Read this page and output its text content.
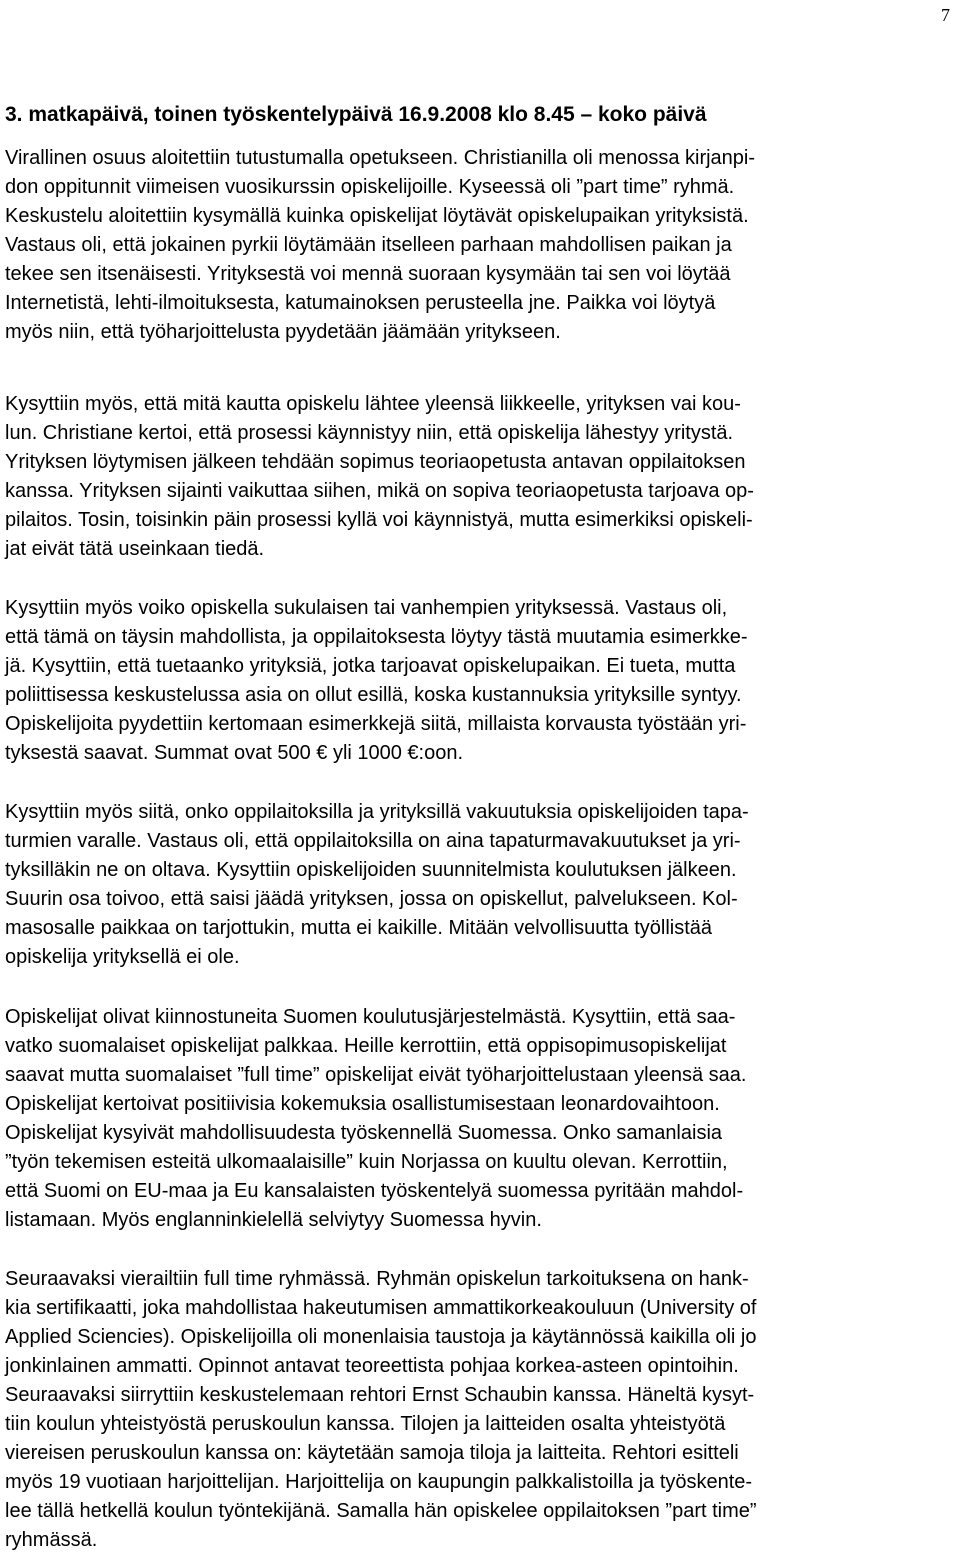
7
3. matkapäivä, toinen työskentelypäivä 16.9.2008 klo 8.45 – koko päivä
Virallinen osuus aloitettiin tutustumalla opetukseen. Christianilla oli menossa kirjanpi-
don oppitunnit viimeisen vuosikurssin opiskelijoille. Kyseessä oli ”part time” ryhmä.
Keskustelu aloitettiin kysymällä kuinka opiskelijat löytävät opiskelupaikan yrityksistä.
Vastaus oli, että jokainen pyrkii löytämään itselleen parhaan mahdollisen paikan ja
tekee sen itsenäisesti. Yrityksestä voi mennä suoraan kysymään tai sen voi löytää
Internetistä, lehti-ilmoituksesta, katumainoksen perusteella jne. Paikka voi löytyä
myös niin, että työharjoittelusta pyydetään jäämään yritykseen.
Kysyttiin myös, että mitä kautta opiskelu lähtee yleensä liikkeelle, yrityksen vai kou-
lun. Christiane kertoi, että prosessi käynnistyy niin, että opiskelija lähestyy yritystä.
Yrityksen löytymisen jälkeen tehdään sopimus teoriaopetusta antavan oppilaitoksen
kanssa. Yrityksen sijainti vaikuttaa siihen, mikä on sopiva teoriaopetusta tarjoava op-
pilaitos. Tosin, toisinkin päin prosessi kyllä voi käynnistyä, mutta esimerkiksi opiskeli-
jat eivät tätä useinkaan tiedä.
Kysyttiin myös voiko opiskella sukulaisen tai vanhempien yrityksessä. Vastaus oli,
että tämä on täysin mahdollista, ja oppilaitoksesta löytyy tästä muutamia esimerkke-
jä. Kysyttiin, että tuetaanko yrityksiä, jotka tarjoavat opiskelupaikan. Ei tueta, mutta
poliittisessa keskustelussa asia on ollut esillä, koska kustannuksia yrityksille syntyy.
Opiskelijoita pyydettiin kertomaan esimerkkejä siitä, millaista korvausta työstään yri-
tyksestä saavat. Summat ovat 500 € yli 1000 €:oon.
Kysyttiin myös siitä, onko oppilaitoksilla ja yrityksillä vakuutuksia opiskelijoiden tapa-
turmien varalle. Vastaus oli, että oppilaitoksilla on aina tapaturmavakuutukset ja yri-
tyksilläkin ne on oltava. Kysyttiin opiskelijoiden suunnitelmista koulutuksen jälkeen.
Suurin osa toivoo, että saisi jäädä yrityksen, jossa on opiskellut, palvelukseen. Kol-
masosalle paikkaa on tarjottukin, mutta ei kaikille. Mitään velvollisuutta työllistää
opiskelija yrityksellä ei ole.
Opiskelijat olivat kiinnostuneita Suomen koulutusjärjestelmästä. Kysyttiin, että saa-
vatko suomalaiset opiskelijat palkkaa. Heille kerrottiin, että oppisopimusopiskelijat
saavat mutta suomalaiset ”full time” opiskelijat eivät työharjoittelustaan yleensä saa.
Opiskelijat kertoivat positiivisia kokemuksia osallistumisestaan leonardovaihtoon.
Opiskelijat kysyivät mahdollisuudesta työskennellä Suomessa. Onko samanlaisia
”työn tekemisen esteitä ulkomaalaisille” kuin Norjassa on kuultu olevan. Kerrottiin,
että Suomi on EU-maa ja Eu kansalaisten työskentelyä suomessa pyritään mahdol-
listamaan. Myös englanninkielellä selviytyy Suomessa hyvin.
Seuraavaksi vierailtiin full time ryhmässä. Ryhmän opiskelun tarkoituksena on hank-
kia sertifikaatti, joka mahdollistaa hakeutumisen ammattikorkeakouluun (University of
Applied Sciencies). Opiskelijoilla oli monenlaisia taustoja ja käytännössä kaikilla oli jo
jonkinlainen ammatti. Opinnot antavat teoreettista pohjaa korkea-asteen opintoihin.
Seuraavaksi siirryttiin keskustelemaan rehtori Ernst Schaubin kanssa. Häneltä kysyt-
tiin koulun yhteistyöstä peruskoulun kanssa. Tilojen ja laitteiden osalta yhteistyötä
viereisen peruskoulun kanssa on: käytetään samoja tiloja ja laitteita. Rehtori esitteli
myös 19 vuotiaan harjoittelijan. Harjoittelija on kaupungin palkkalistoilla ja työskente-
lee tällä hetkellä koulun työntekijänä. Samalla hän opiskelee oppilaitoksen ”part time”
ryhmässä.
